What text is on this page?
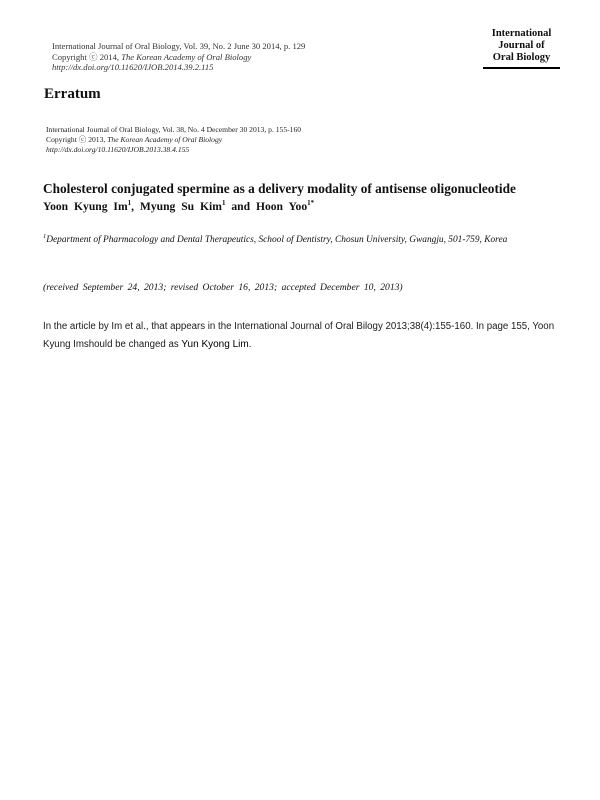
International Journal of Oral Biology, Vol. 39, No. 2 June 30 2014, p. 129
Copyright ⓒ 2014, The Korean Academy of Oral Biology
http://dx.doi.org/10.11620/IJOB.2014.39.2.115
International
Journal of
Oral Biology
Erratum
International Journal of Oral Biology, Vol. 38, No. 4 December 30 2013, p. 155-160
Copyright ⓒ 2013, The Korean Academy of Oral Biology
http://dx.doi.org/10.11620/IJOB.2013.38.4.155
Cholesterol conjugated spermine as a delivery modality of antisense oligonucleotide
Yoon Kyung Im$^1$, Myung Su Kim$^1$ and Hoon Yoo$^{1*}$
$^1$Department of Pharmacology and Dental Therapeutics, School of Dentistry, Chosun University, Gwangju, 501-759, Korea
(received September 24, 2013; revised October 16, 2013; accepted December 10, 2013)
In the article by Im et al., that appears in the International Journal of Oral Bilogy 2013;38(4):155-160. In page 155, Yoon Kyung Imshould be changed as Yun Kyong Lim.
